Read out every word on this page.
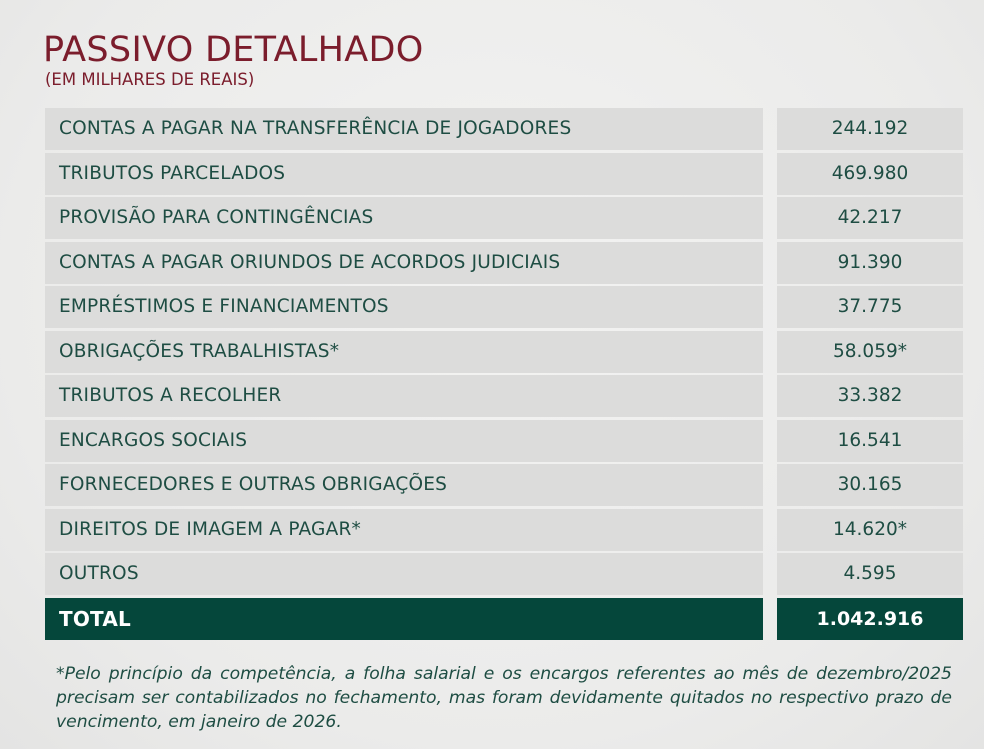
PASSIVO DETALHADO
(EM MILHARES DE REAIS)
CONTAS A PAGAR NA TRANSFERÊNCIA DE JOGADORES	244.192
TRIBUTOS PARCELADOS	469.980
PROVISÃO PARA CONTINGÊNCIAS	42.217
CONTAS A PAGAR ORIUNDOS DE ACORDOS JUDICIAIS	91.390
EMPRÉSTIMOS E FINANCIAMENTOS	37.775
OBRIGAÇÕES TRABALHISTAS*	58.059*
TRIBUTOS A RECOLHER	33.382
ENCARGOS SOCIAIS	16.541
FORNECEDORES E OUTRAS OBRIGAÇÕES	30.165
DIREITOS DE IMAGEM A PAGAR*	14.620*
OUTROS	4.595
TOTAL	1.042.916

*Pelo princípio da competência, a folha salarial e os encargos referentes ao mês de dezembro/2025 precisam ser contabilizados no fechamento, mas foram devidamente quitados no respectivo prazo de vencimento, em janeiro de 2026.
